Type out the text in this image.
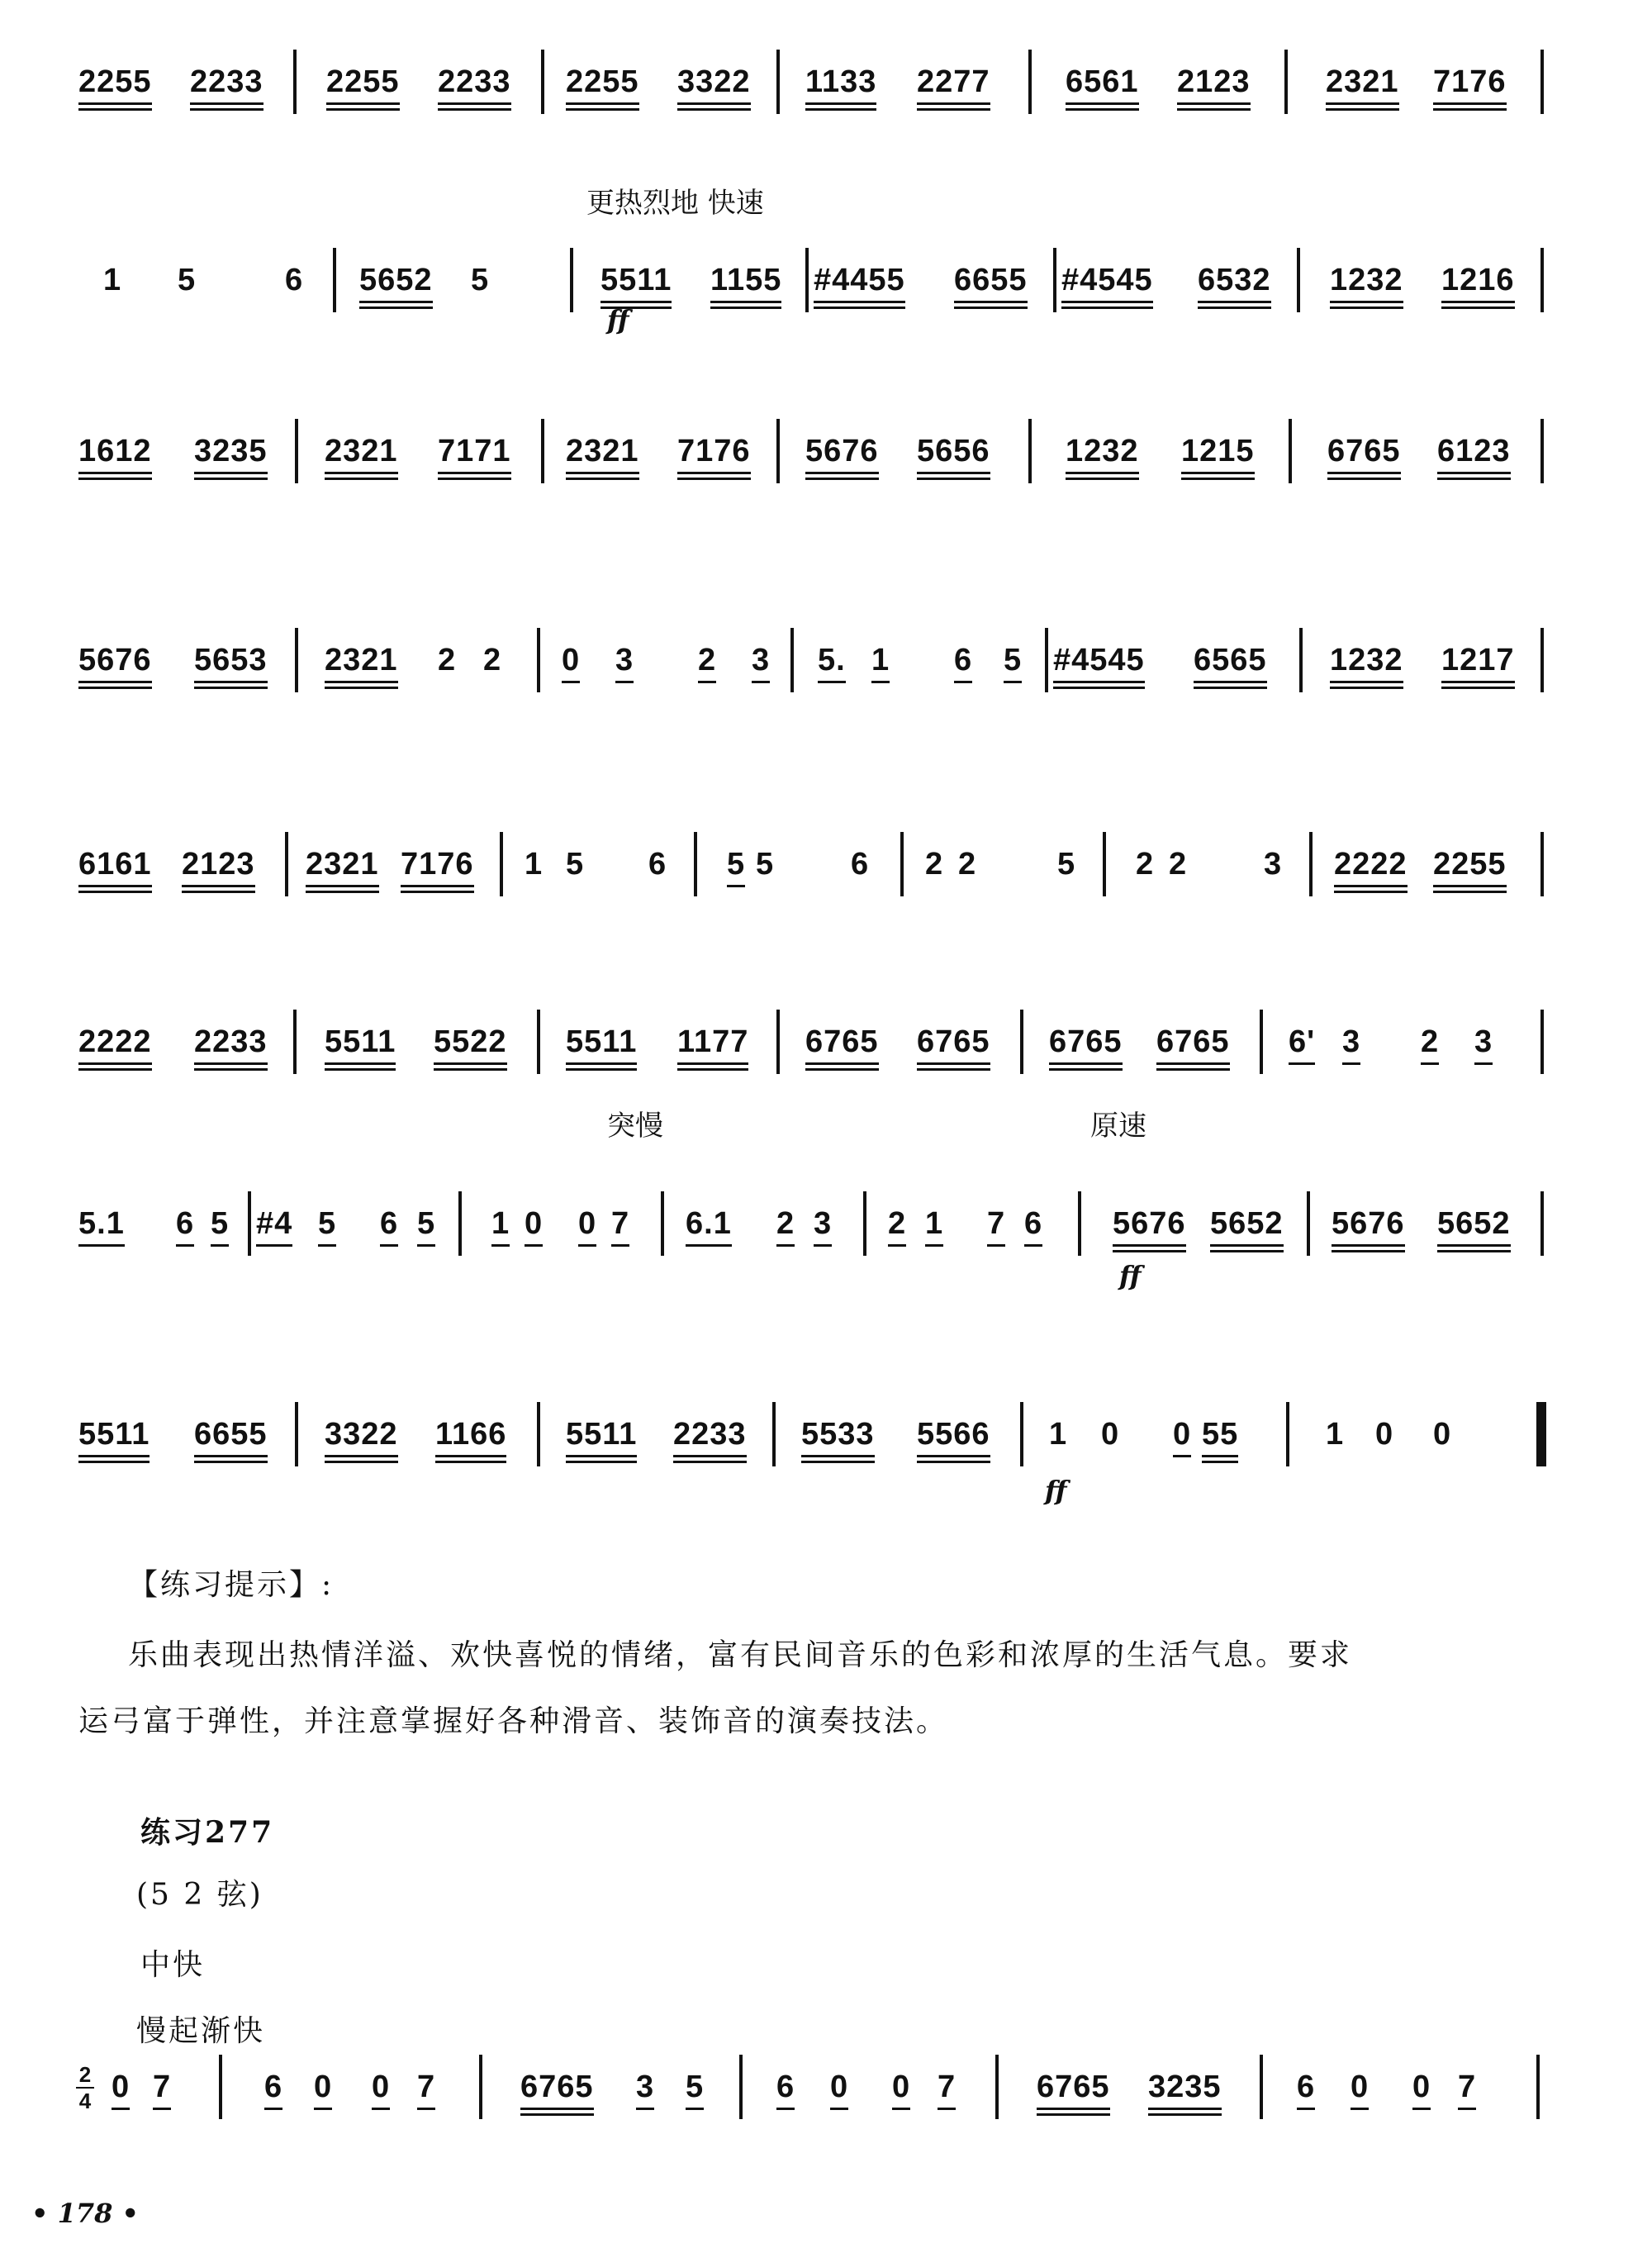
2255 2233 2255 2233 2255 3322 1133 2277 6561 2123 2321 7176
更热烈地 快速
1 5	6 5652 5	5511 1155 #4455 6655 #4545 6532 1232 1216
ff
1612 3235 2321 7171 2321 7176 5676 5656 1232 1215 6765 6123
5676 5653 2321 2 2 0 3 2 3 5. 1 6 5 #4545 6565 1232 1217
6161 2123 2321 7176 1 5 6 5 5 6 2 2	5 2 2 3 2222 2255
2222 2233 5511 5522 5511 1177 6765 6765 6765 6765 6' 3 2 3
突慢	原速
5.1 6 5 #4 5 6 5 1 0 0 7 6.1 2 3 2 1 7 6 5676 5652 5676 5652
ff
5511 6655 3322 1166 5511 2233 5533 5566 1 0 0 55	1 0 0
ff
【练习提示】:
乐曲表现出热情洋溢、欢快喜悦的情绪，富有民间音乐的色彩和浓厚的生活气息。要求
运弓富于弹性，并注意掌握好各种滑音、装饰音的演奏技法。
练习277
(5 2 弦)
中快
慢起渐快
2
4 0 7	6 0 0 7	6765 3 5 6 0 0 7	6765 3235 6 0 0 7
• 178 •
